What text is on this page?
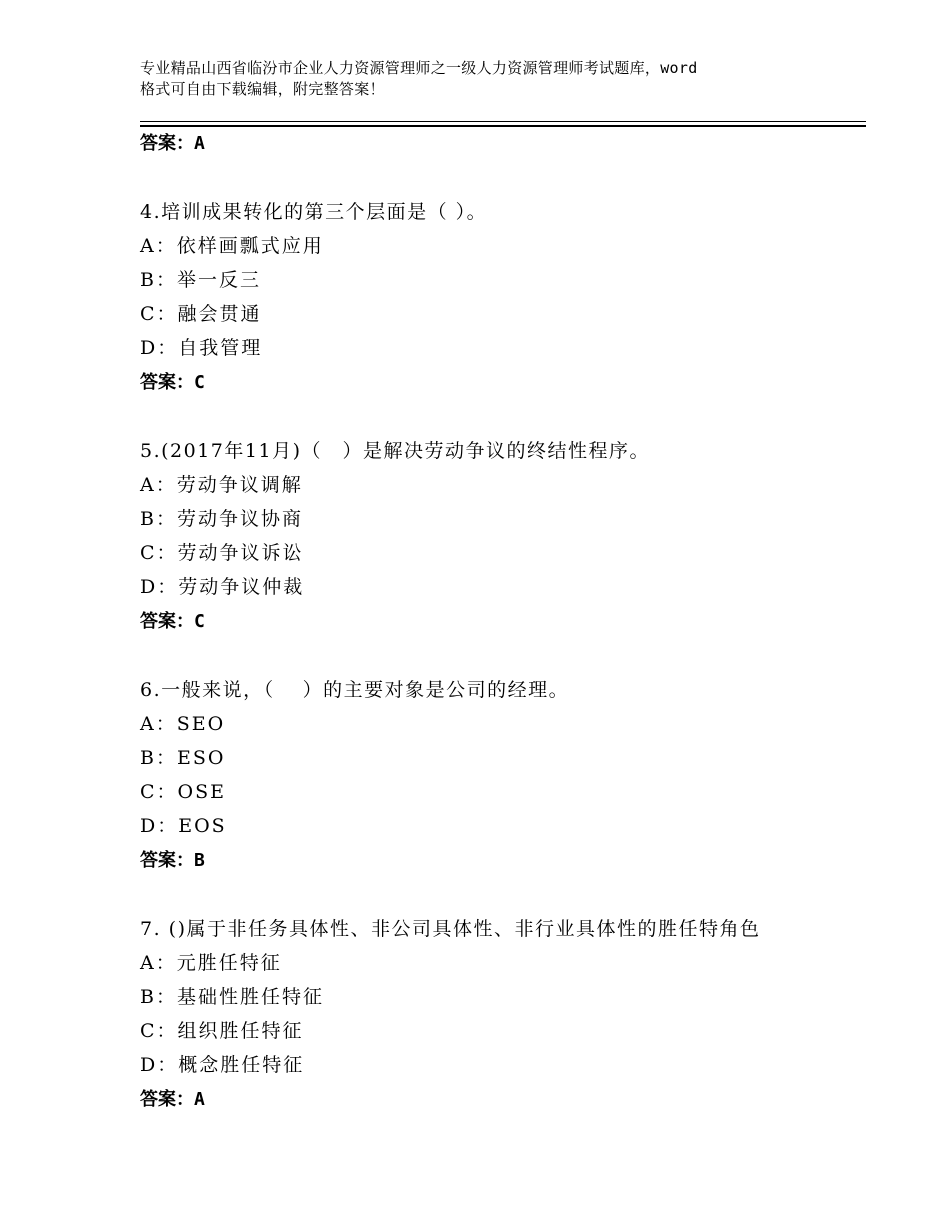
专业精品山西省临汾市企业人力资源管理师之一级人力资源管理师考试题库，word
格式可自由下载编辑，附完整答案！
答案：A
4.培训成果转化的第三个层面是（ ）。
A：依样画瓢式应用
B：举一反三
C：融会贯通
D：自我管理
答案：C
5.(2017年11月)（　）是解决劳动争议的终结性程序。
A：劳动争议调解
B：劳动争议协商
C：劳动争议诉讼
D：劳动争议仲裁
答案：C
6.一般来说，（　 ）的主要对象是公司的经理。
A：SEO
B：ESO
C：OSE
D：EOS
答案：B
7. ()属于非任务具体性、非公司具体性、非行业具体性的胜任特角色
A：元胜任特征
B：基础性胜任特征
C：组织胜任特征
D：概念胜任特征
答案：A
